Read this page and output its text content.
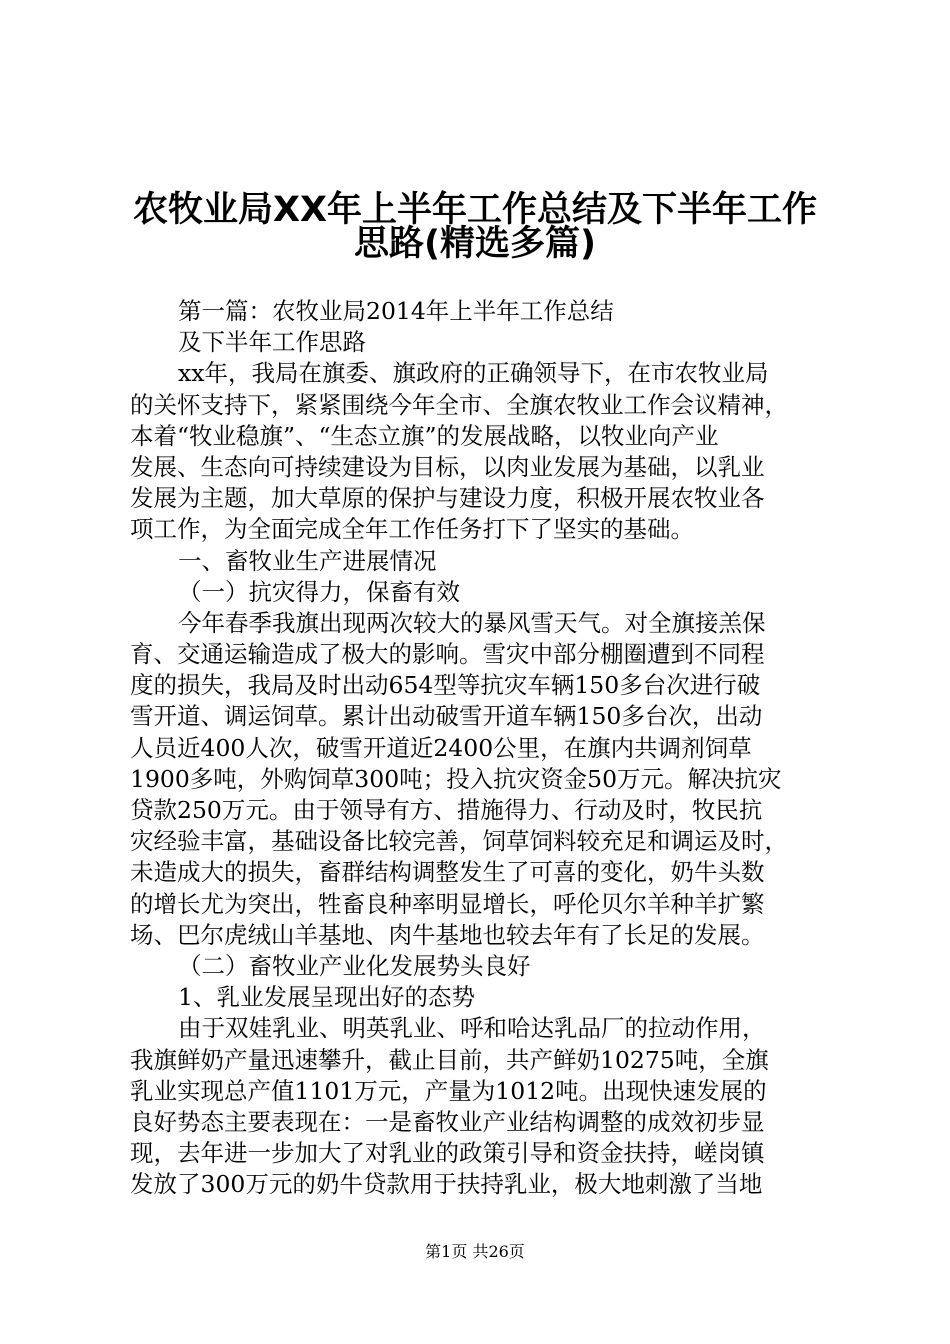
农牧业局XX年上半年工作总结及下半年工作
思路(精选多篇)
第一篇：农牧业局2014年上半年工作总结
及下半年工作思路
xx年，我局在旗委、旗政府的正确领导下，在市农牧业局
的关怀支持下，紧紧围绕今年全市、全旗农牧业工作会议精神，
本着“牧业稳旗”、“生态立旗”的发展战略，以牧业向产业
发展、生态向可持续建设为目标，以肉业发展为基础，以乳业
发展为主题，加大草原的保护与建设力度，积极开展农牧业各
项工作，为全面完成全年工作任务打下了坚实的基础。
一、畜牧业生产进展情况
（一）抗灾得力，保畜有效
今年春季我旗出现两次较大的暴风雪天气。对全旗接羔保
育、交通运输造成了极大的影响。雪灾中部分棚圈遭到不同程
度的损失，我局及时出动654型等抗灾车辆150多台次进行破
雪开道、调运饲草。累计出动破雪开道车辆150多台次，出动
人员近400人次，破雪开道近2400公里，在旗内共调剂饲草
1900多吨，外购饲草300吨；投入抗灾资金50万元。解决抗灾
贷款250万元。由于领导有方、措施得力、行动及时，牧民抗
灾经验丰富，基础设备比较完善，饲草饲料较充足和调运及时，
未造成大的损失，畜群结构调整发生了可喜的变化，奶牛头数
的增长尤为突出，牲畜良种率明显增长，呼伦贝尔羊种羊扩繁
场、巴尔虎绒山羊基地、肉牛基地也较去年有了长足的发展。
（二）畜牧业产业化发展势头良好
1、乳业发展呈现出好的态势
由于双娃乳业、明英乳业、呼和哈达乳品厂的拉动作用，
我旗鲜奶产量迅速攀升，截止目前，共产鲜奶10275吨，全旗
乳业实现总产值1101万元，产量为1012吨。出现快速发展的
良好势态主要表现在：一是畜牧业产业结构调整的成效初步显
现，去年进一步加大了对乳业的政策引导和资金扶持，嵯岗镇
发放了300万元的奶牛贷款用于扶持乳业，极大地刺激了当地
第1页 共26页
